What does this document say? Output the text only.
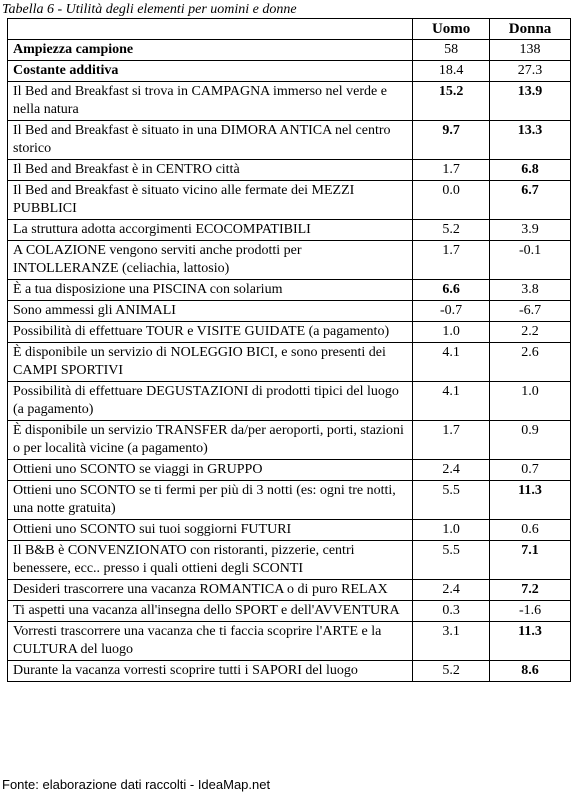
Tabella 6 - Utilità degli elementi per uomini e donne
	Uomo	Donna
Ampiezza campione	58	138
Costante additiva	18.4	27.3
Il Bed and Breakfast si trova in CAMPAGNA immerso nel verde e nella natura	15.2	13.9
Il Bed and Breakfast è situato in una DIMORA ANTICA nel centro storico	9.7	13.3
Il Bed and Breakfast è in CENTRO città	1.7	6.8
Il Bed and Breakfast è situato vicino alle fermate dei MEZZI PUBBLICI	0.0	6.7
La struttura adotta accorgimenti ECOCOMPATIBILI	5.2	3.9
A COLAZIONE vengono serviti anche prodotti per INTOLLERANZE (celiachia, lattosio)	1.7	-0.1
È a tua disposizione una PISCINA con solarium	6.6	3.8
Sono ammessi gli ANIMALI	-0.7	-6.7
Possibilità di effettuare TOUR e VISITE GUIDATE (a pagamento)	1.0	2.2
È disponibile un servizio di NOLEGGIO BICI, e sono presenti dei CAMPI SPORTIVI	4.1	2.6
Possibilità di effettuare DEGUSTAZIONI di prodotti tipici del luogo (a pagamento)	4.1	1.0
È disponibile un servizio TRANSFER da/per aeroporti, porti, stazioni o per località vicine (a pagamento)	1.7	0.9
Ottieni uno SCONTO se viaggi in GRUPPO	2.4	0.7
Ottieni uno SCONTO se ti fermi per più di 3 notti (es: ogni tre notti, una notte gratuita)	5.5	11.3
Ottieni uno SCONTO sui tuoi soggiorni FUTURI	1.0	0.6
Il B&B è CONVENZIONATO con ristoranti, pizzerie, centri benessere, ecc.. presso i quali ottieni degli SCONTI	5.5	7.1
Desideri trascorrere una vacanza ROMANTICA o di puro RELAX	2.4	7.2
Ti aspetti una vacanza all'insegna dello SPORT e dell'AVVENTURA	0.3	-1.6
Vorresti trascorrere una vacanza che ti faccia scoprire l'ARTE e la CULTURA del luogo	3.1	11.3
Durante la vacanza vorresti scoprire tutti i SAPORI del luogo	5.2	8.6
Fonte: elaborazione dati raccolti - IdeaMap.net
